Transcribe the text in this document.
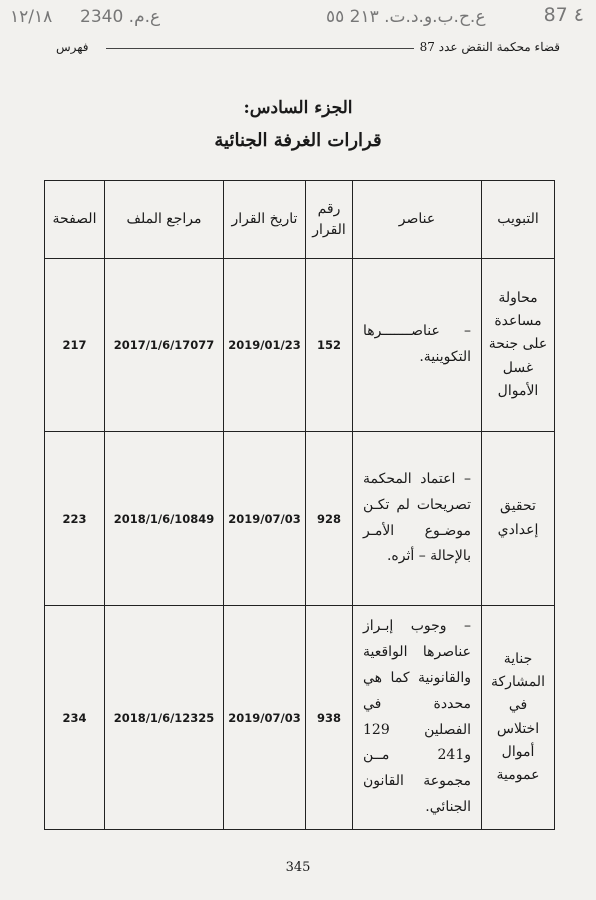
١٢/١٨ ع.م. 2340	ع.ح.ب.و.د.ت. 2١٣ ٥٥	87 ٤
قضاء محكمة النقض عدد 87
فهرس
الجزء السادس:
قرارات الغرفة الجنائية
التبويب	عناصر	رقم القرار	تاريخ القرار	مراجع الملف	الصفحة
محاولة مساعدة على جنحة غسل الأموال	– عناصـــــــرها التكوينية.	152	2019/01/23	2017/1/6/17077	217
تحقيق إعدادي	– اعتماد المحكمة تصريحات لم تكـن موضـوع الأمـر بالإحالة – أثره.	928	2019/07/03	2018/1/6/10849	223
جناية المشاركة في اختلاس أموال عمومية	– وجوب إبـراز عناصرها الواقعية والقانونية كما هي محددة في الفصلين 129 و241 مــن مجموعة القانون الجنائي.	938	2019/07/03	2018/1/6/12325	234
345
